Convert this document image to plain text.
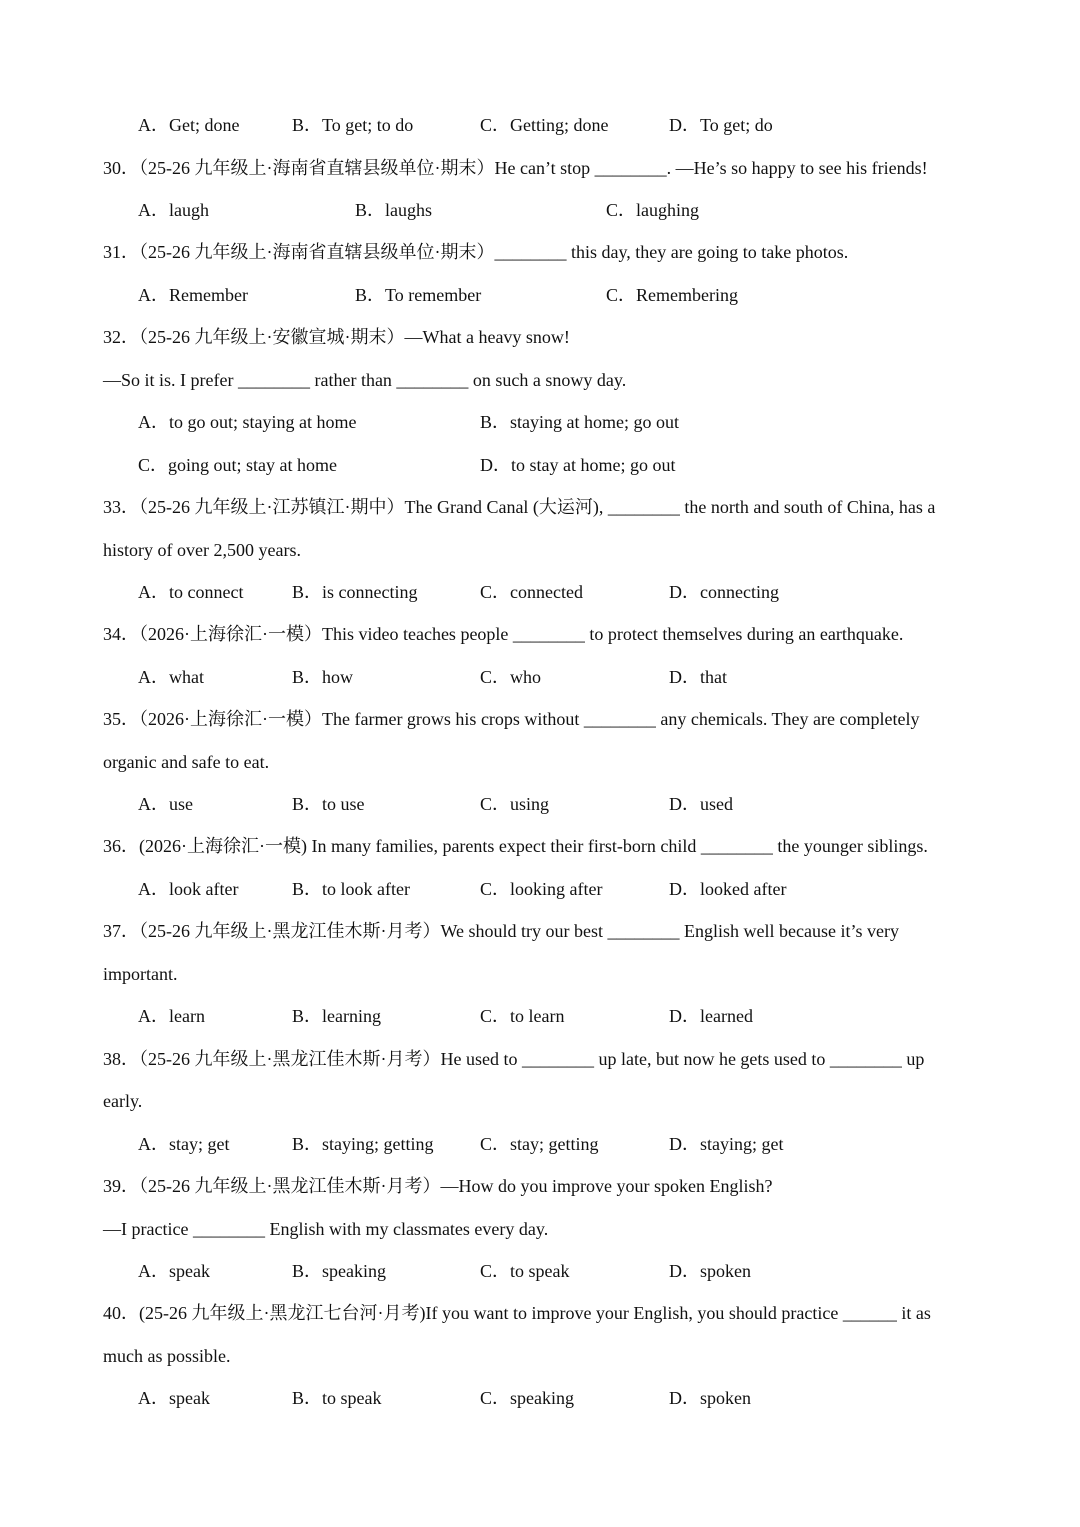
A．Get; done	B．To get; to do	C．Getting; done	D．To get; do
30．（25-26 九年级上·海南省直辖县级单位·期末）He can’t stop ________. —He’s so happy to see his friends!
A．laugh	B．laughs	C．laughing
31．（25-26 九年级上·海南省直辖县级单位·期末）________ this day, they are going to take photos.
A．Remember	B．To remember	C．Remembering
32．（25-26 九年级上·安徽宣城·期末）—What a heavy snow!
—So it is. I prefer ________ rather than ________ on such a snowy day.
A．to go out; staying at home	B．staying at home; go out
C．going out; stay at home	D．to stay at home; go out
33．（25-26 九年级上·江苏镇江·期中）The Grand Canal (大运河), ________ the north and south of China, has a
history of over 2,500 years.
A．to connect	B．is connecting	C．connected	D．connecting
34．（2026·上海徐汇·一模）This video teaches people ________ to protect themselves during an earthquake.
A．what	B．how	C．who	D．that
35．（2026·上海徐汇·一模）The farmer grows his crops without ________ any chemicals. They are completely
organic and safe to eat.
A．use	B．to use	C．using	D．used
36．(2026·上海徐汇·一模) In many families, parents expect their first-born child ________ the younger siblings.
A．look after	B．to look after	C．looking after	D．looked after
37．（25-26 九年级上·黑龙江佳木斯·月考）We should try our best ________ English well because it’s very
important.
A．learn	B．learning	C．to learn	D．learned
38．（25-26 九年级上·黑龙江佳木斯·月考）He used to ________ up late, but now he gets used to ________ up
early.
A．stay; get	B．staying; getting	C．stay; getting	D．staying; get
39．（25-26 九年级上·黑龙江佳木斯·月考）—How do you improve your spoken English?
—I practice ________ English with my classmates every day.
A．speak	B．speaking	C．to speak	D．spoken
40．(25-26 九年级上·黑龙江七台河·月考)If you want to improve your English, you should practice ______ it as
much as possible.
A．speak	B．to speak	C．speaking	D．spoken
